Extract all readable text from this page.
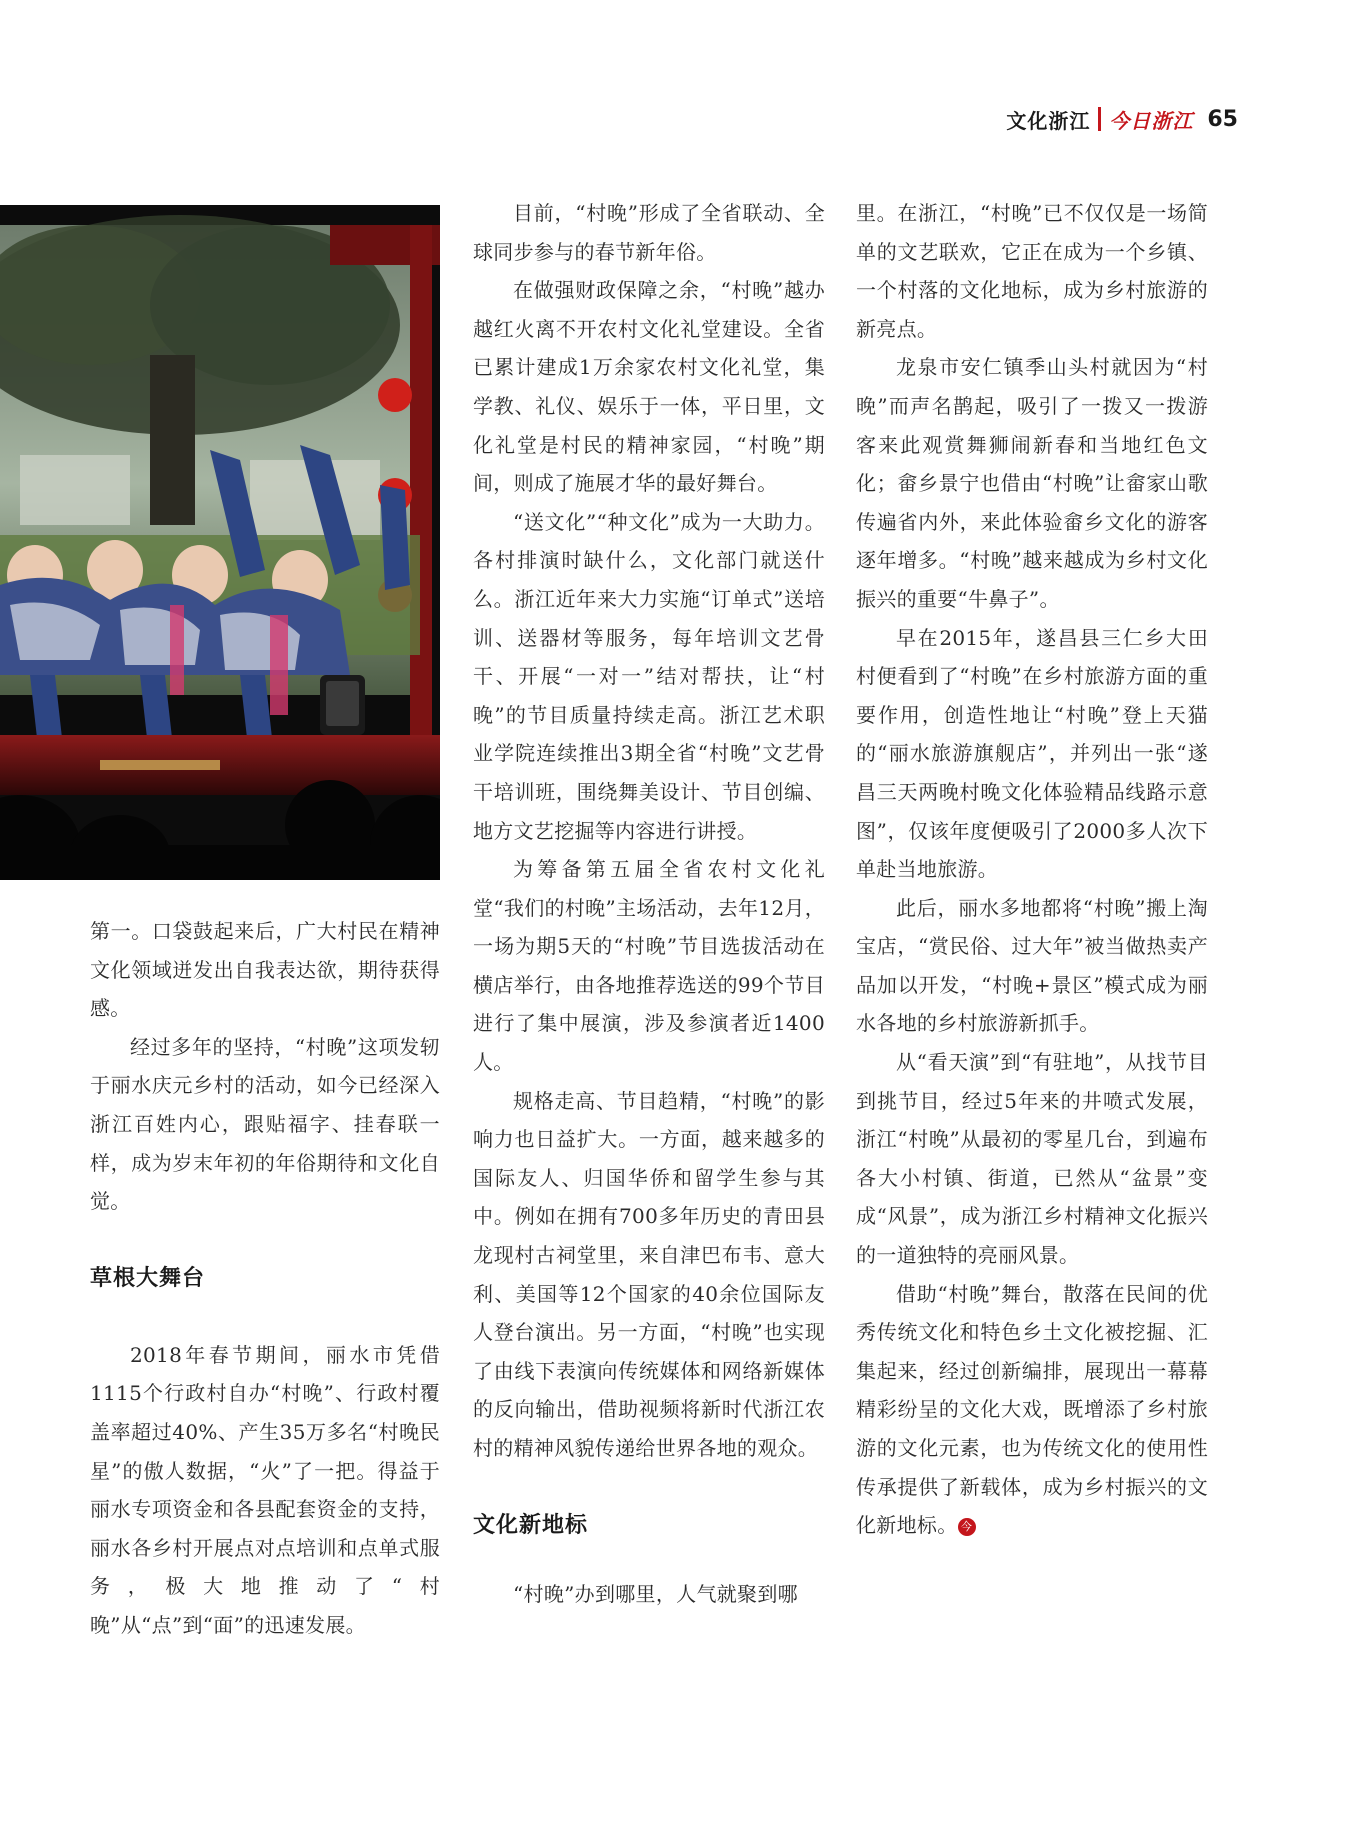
文化浙江 今日浙江 65

第一。口袋鼓起来后，广大村民在精神文化领域迸发出自我表达欲，期待获得感。

经过多年的坚持，“村晚”这项发轫于丽水庆元乡村的活动，如今已经深入浙江百姓内心，跟贴福字、挂春联一样，成为岁末年初的年俗期待和文化自觉。

草根大舞台

2018年春节期间，丽水市凭借1115个行政村自办“村晚”、行政村覆盖率超过40%、产生35万多名“村晚民星”的傲人数据，“火”了一把。得益于丽水专项资金和各县配套资金的支持，丽水各乡村开展点对点培训和点单式服务，极大地推动了“村晚”从“点”到“面”的迅速发展。

目前，“村晚”形成了全省联动、全球同步参与的春节新年俗。

在做强财政保障之余，“村晚”越办越红火离不开农村文化礼堂建设。全省已累计建成1万余家农村文化礼堂，集学教、礼仪、娱乐于一体，平日里，文化礼堂是村民的精神家园，“村晚”期间，则成了施展才华的最好舞台。

“送文化”“种文化”成为一大助力。各村排演时缺什么，文化部门就送什么。浙江近年来大力实施“订单式”送培训、送器材等服务，每年培训文艺骨干、开展“一对一”结对帮扶，让“村晚”的节目质量持续走高。浙江艺术职业学院连续推出3期全省“村晚”文艺骨干培训班，围绕舞美设计、节目创编、地方文艺挖掘等内容进行讲授。

为筹备第五届全省农村文化礼堂“我们的村晚”主场活动，去年12月，一场为期5天的“村晚”节目选拔活动在横店举行，由各地推荐选送的99个节目进行了集中展演，涉及参演者近1400人。

规格走高、节目趋精，“村晚”的影响力也日益扩大。一方面，越来越多的国际友人、归国华侨和留学生参与其中。例如在拥有700多年历史的青田县龙现村古祠堂里，来自津巴布韦、意大利、美国等12个国家的40余位国际友人登台演出。另一方面，“村晚”也实现了由线下表演向传统媒体和网络新媒体的反向输出，借助视频将新时代浙江农村的精神风貌传递给世界各地的观众。

文化新地标

“村晚”办到哪里，人气就聚到哪

里。在浙江，“村晚”已不仅仅是一场简单的文艺联欢，它正在成为一个乡镇、一个村落的文化地标，成为乡村旅游的新亮点。

龙泉市安仁镇季山头村就因为“村晚”而声名鹊起，吸引了一拨又一拨游客来此观赏舞狮闹新春和当地红色文化；畲乡景宁也借由“村晚”让畲家山歌传遍省内外，来此体验畲乡文化的游客逐年增多。“村晚”越来越成为乡村文化振兴的重要“牛鼻子”。

早在2015年，遂昌县三仁乡大田村便看到了“村晚”在乡村旅游方面的重要作用，创造性地让“村晚”登上天猫的“丽水旅游旗舰店”，并列出一张“遂昌三天两晚村晚文化体验精品线路示意图”，仅该年度便吸引了2000多人次下单赴当地旅游。

此后，丽水多地都将“村晚”搬上淘宝店，“赏民俗、过大年”被当做热卖产品加以开发，“村晚+景区”模式成为丽水各地的乡村旅游新抓手。

从“看天演”到“有驻地”，从找节目到挑节目，经过5年来的井喷式发展，浙江“村晚”从最初的零星几台，到遍布各大小村镇、街道，已然从“盆景”变成“风景”，成为浙江乡村精神文化振兴的一道独特的亮丽风景。

借助“村晚”舞台，散落在民间的优秀传统文化和特色乡土文化被挖掘、汇集起来，经过创新编排，展现出一幕幕精彩纷呈的文化大戏，既增添了乡村旅游的文化元素，也为传统文化的使用性传承提供了新载体，成为乡村振兴的文化新地标。 今
